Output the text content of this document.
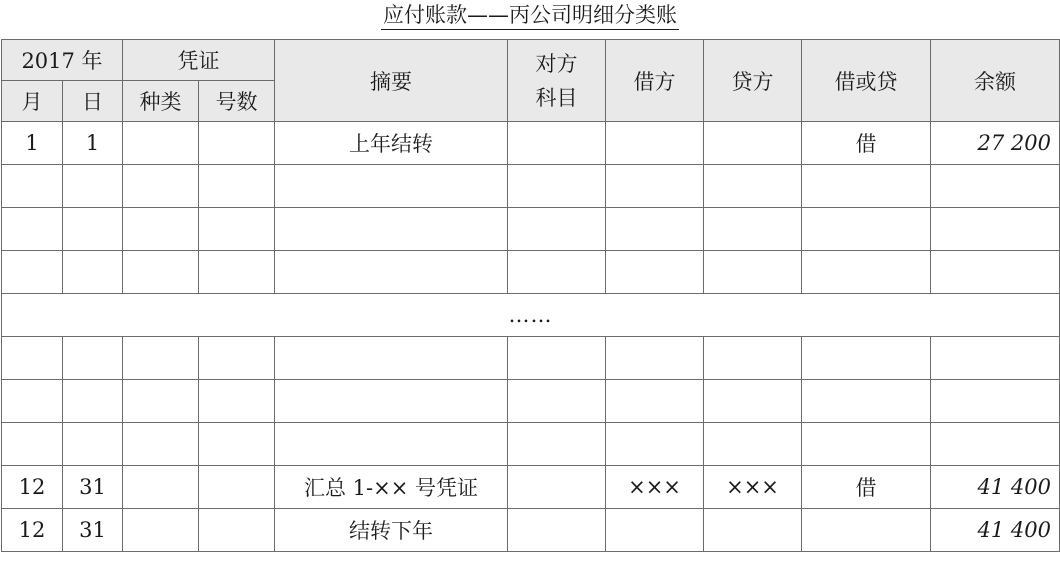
应付账款——丙公司明细分类账
2017 年		凭证		摘要	对方科目	借方	贷方	借或贷	余额
月	日	种类	号数						
1	1			上年结转				借	27 200

……									

12	31			汇总 1-×× 号凭证		×××	×××	借	41 400
12	31			结转下年					41 400
